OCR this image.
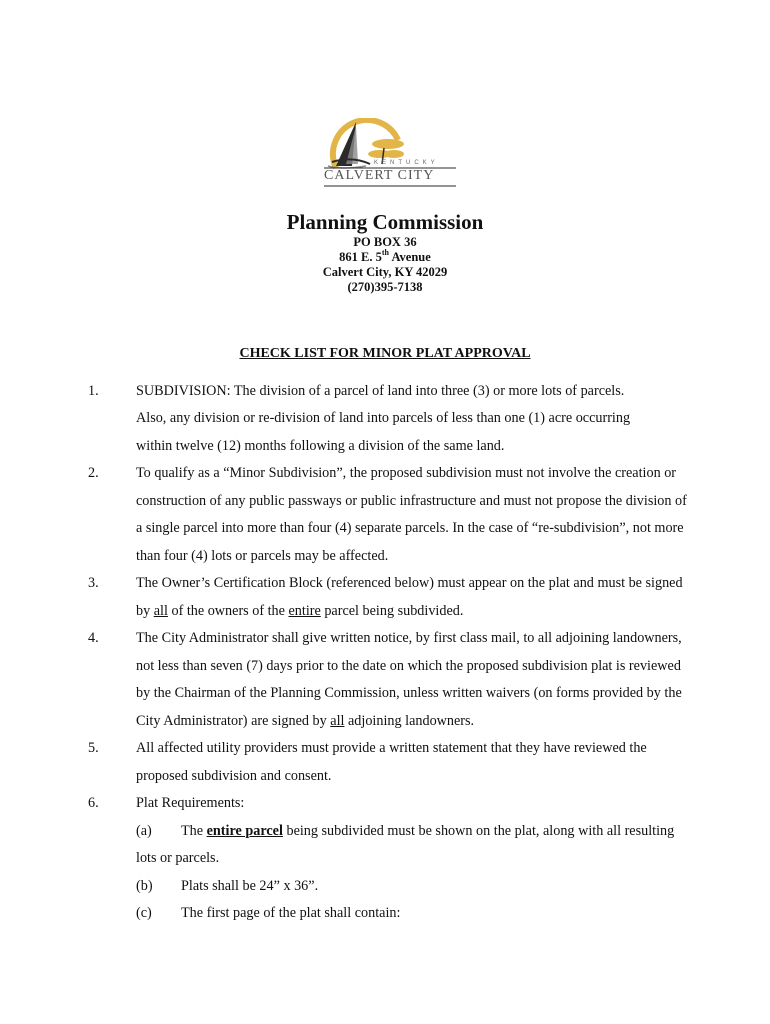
KENTUCKY
CALVERT CITY
Planning Commission
PO BOX 36
861 E. 5th Avenue
Calvert City, KY 42029
(270)395-7138
CHECK LIST FOR MINOR PLAT APPROVAL
1.	SUBDIVISION: The division of a parcel of land into three (3) or more lots of parcels.
Also, any division or re-division of land into parcels of less than one (1) acre occurring
within twelve (12) months following a division of the same land.
2.	To qualify as a “Minor Subdivision”, the proposed subdivision must not involve the creation or
construction of any public passways or public infrastructure and must not propose the division of
a single parcel into more than four (4) separate parcels. In the case of “re-subdivision”, not more
than four (4) lots or parcels may be affected.
3.	The Owner’s Certification Block (referenced below) must appear on the plat and must be signed
by all of the owners of the entire parcel being subdivided.
4.	The City Administrator shall give written notice, by first class mail, to all adjoining landowners,
not less than seven (7) days prior to the date on which the proposed subdivision plat is reviewed
by the Chairman of the Planning Commission, unless written waivers (on forms provided by the
City Administrator) are signed by all adjoining landowners.
5.	All affected utility providers must provide a written statement that they have reviewed the
proposed subdivision and consent.
6.	Plat Requirements:
(a) The entire parcel being subdivided must be shown on the plat, along with all resulting
lots or parcels.
(b) Plats shall be 24” x 36”.
(c) The first page of the plat shall contain:
